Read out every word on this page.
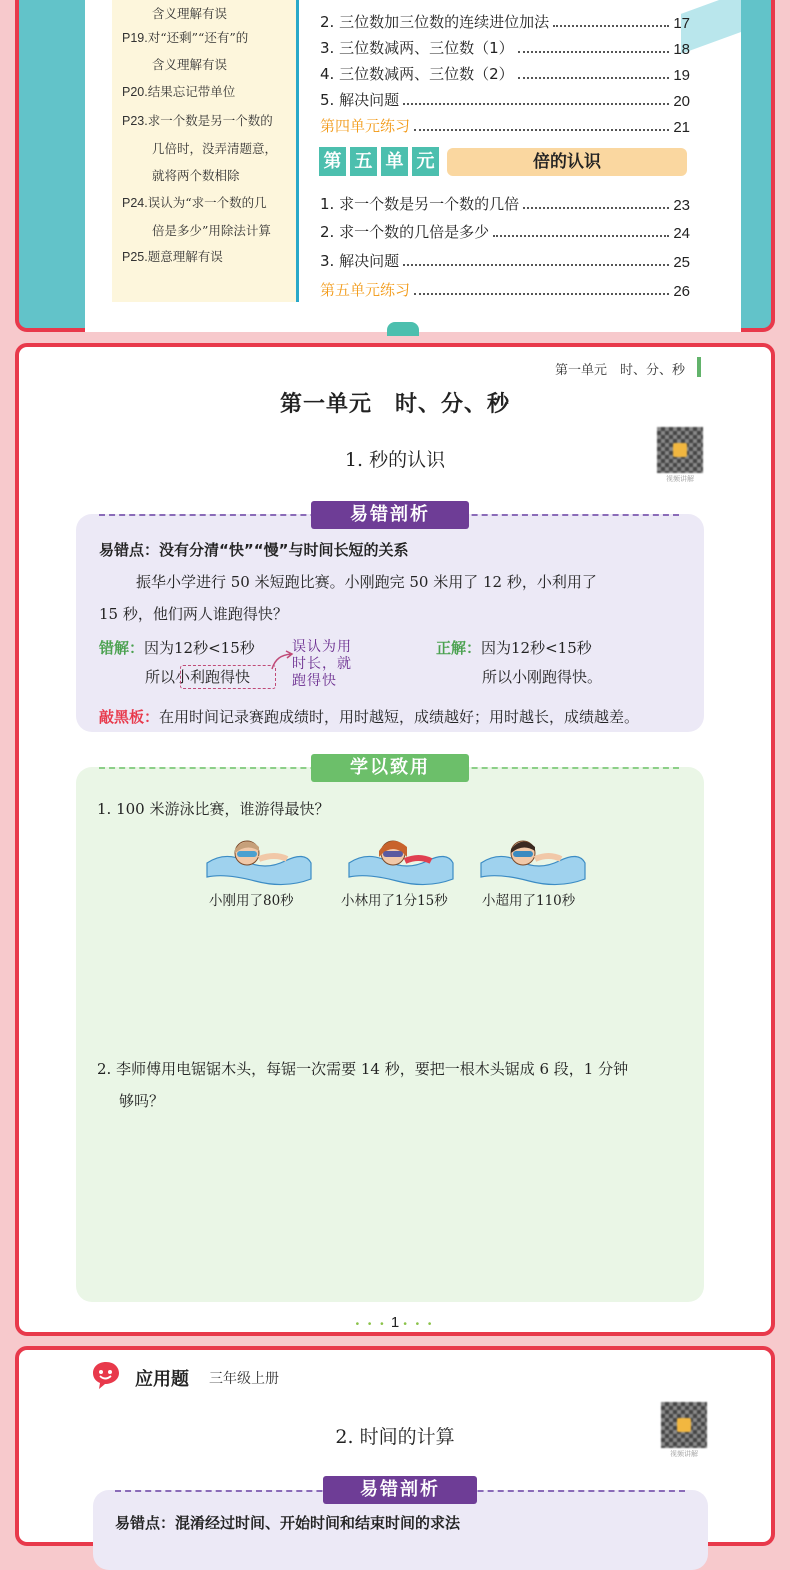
含义理解有误
P19.对“还剩”“还有”的
含义理解有误
P20.结果忘记带单位
P23.求一个数是另一个数的
几倍时，没弄清题意，
就将两个数相除
P24.误认为“求一个数的几
倍是多少”用除法计算
P25.题意理解有误
2. 三位数加三位数的连续进位加法	17
3. 三位数减两、三位数（1）	18
4. 三位数减两、三位数（2）	19
5. 解决问题	20
第四单元练习	21
第 五 单 元	倍的认识
1. 求一个数是另一个数的几倍	23
2. 求一个数的几倍是多少	24
3. 解决问题	25
第五单元练习	26
第一单元　时、分、秒
第一单元　时、分、秒
1. 秒的认识
视频讲解
易错剖析
易错点：没有分清“快”“慢”与时间长短的关系
振华小学进行 50 米短跑比赛。小刚跑完 50 米用了 12 秒，小利用了
15 秒，他们两人谁跑得快？
错解：因为12秒<15秒
所以小利跑得快
误认为用
时长，就
跑得快
正解：因为12秒<15秒
所以小刚跑得快。
敲黑板：在用时间记录赛跑成绩时，用时越短，成绩越好；用时越长，成绩越差。
学以致用
1. 100 米游泳比赛，谁游得最快？
小刚用了80秒	小林用了1分15秒	小超用了110秒
2. 李师傅用电锯锯木头，每锯一次需要 14 秒，要把一根木头锯成 6 段，1 分钟
够吗？
• • • 1 • • •
应用题 三年级上册
2. 时间的计算
视频讲解
易错剖析
易错点：混淆经过时间、开始时间和结束时间的求法
